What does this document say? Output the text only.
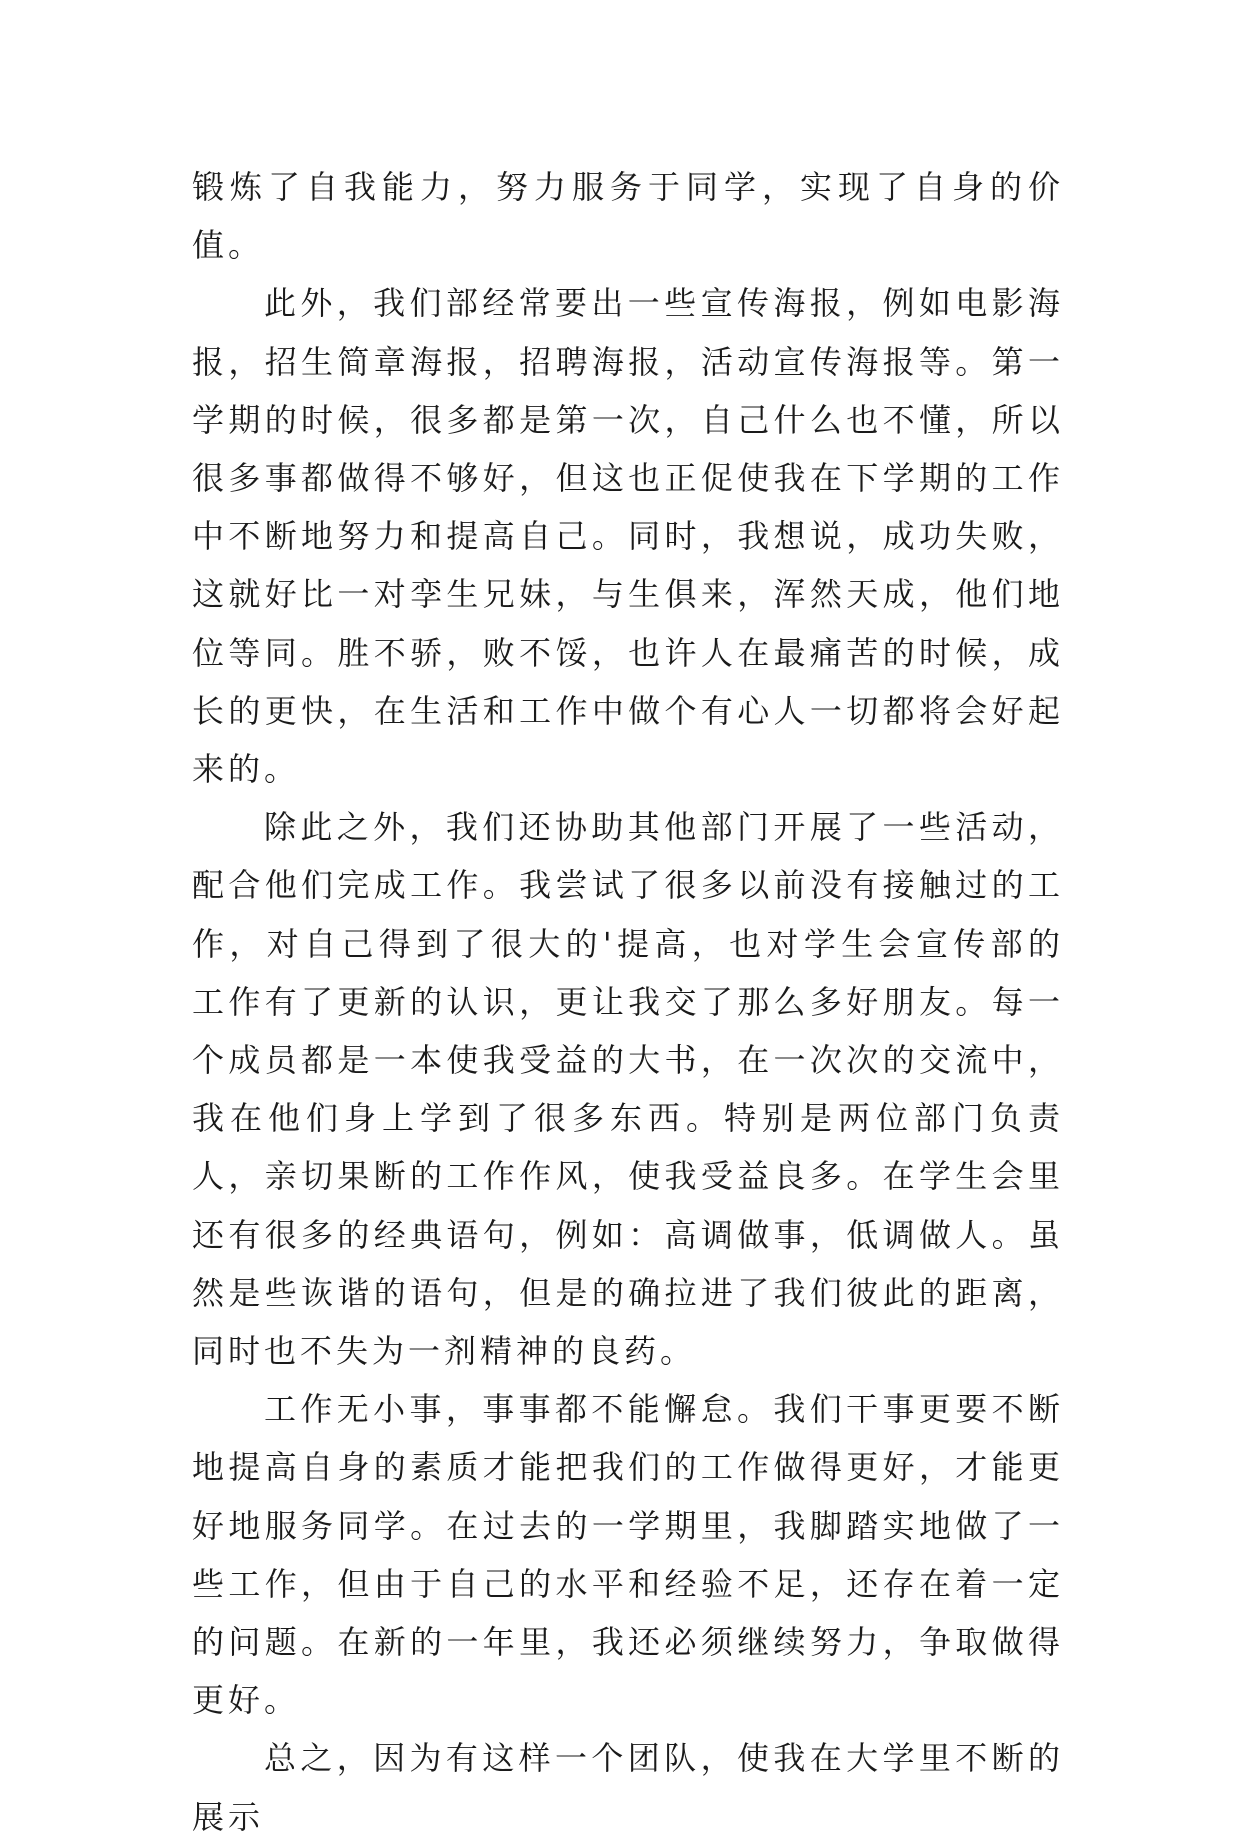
锻炼了自我能力，努力服务于同学，实现了自身的价值。

此外，我们部经常要出一些宣传海报，例如电影海报，招生简章海报，招聘海报，活动宣传海报等。第一学期的时候，很多都是第一次，自己什么也不懂，所以很多事都做得不够好，但这也正促使我在下学期的工作中不断地努力和提高自己。同时，我想说，成功失败，这就好比一对孪生兄妹，与生俱来，浑然天成，他们地位等同。胜不骄，败不馁，也许人在最痛苦的时候，成长的更快，在生活和工作中做个有心人一切都将会好起来的。

除此之外，我们还协助其他部门开展了一些活动，配合他们完成工作。我尝试了很多以前没有接触过的工作，对自己得到了很大的'提高，也对学生会宣传部的工作有了更新的认识，更让我交了那么多好朋友。每一个成员都是一本使我受益的大书，在一次次的交流中，我在他们身上学到了很多东西。特别是两位部门负责人，亲切果断的工作作风，使我受益良多。在学生会里还有很多的经典语句，例如：高调做事，低调做人。虽然是些诙谐的语句，但是的确拉进了我们彼此的距离，同时也不失为一剂精神的良药。

工作无小事，事事都不能懈怠。我们干事更要不断地提高自身的素质才能把我们的工作做得更好，才能更好地服务同学。在过去的一学期里，我脚踏实地做了一些工作，但由于自己的水平和经验不足，还存在着一定的问题。在新的一年里，我还必须继续努力，争取做得更好。

总之，因为有这样一个团队，使我在大学里不断的展示
